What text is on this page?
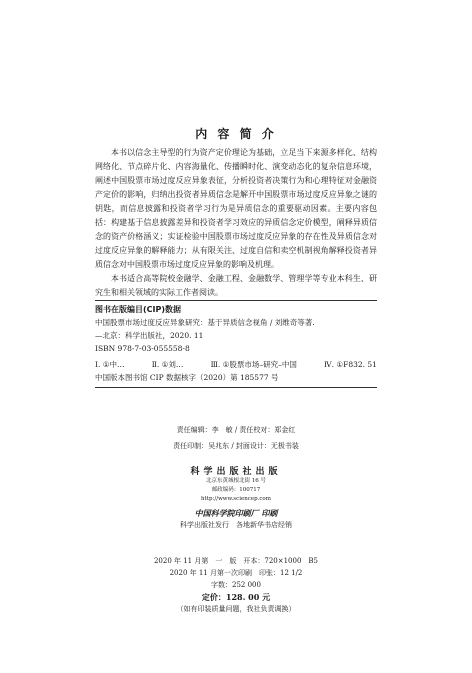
内 容 简 介

本书以信念主导型的行为资产定价理论为基础，立足当下来源多样化、结构网络化、节点碎片化、内容海量化、传播瞬时化、演变动态化的复杂信息环境，阐述中国股票市场过度反应异象表征，分析投资者决策行为和心理特征对金融资产定价的影响，归纳出投资者异质信念是解开中国股票市场过度反应异象之谜的钥匙，而信息披露和投资者学习行为是异质信念的重要驱动因素。主要内容包括：构建基于信息披露差异和投资者学习效应的异质信念定价模型，阐释异质信念的资产价格涵义；实证检验中国股票市场过度反应异象的存在性及异质信念对过度反应异象的解释能力；从有限关注、过度自信和卖空机制视角解释投资者异质信念对中国股票市场过度反应异象的影响及机理。

本书适合高等院校金融学、金融工程、金融数学、管理学等专业本科生、研究生和相关领域的实际工作者阅读。

图书在版编目(CIP)数据
中国股票市场过度反应异象研究：基于异质信念视角 / 刘维奇等著.
—北京：科学出版社，2020. 11
ISBN 978-7-03-055558-8
Ⅰ. ①中…	Ⅱ. ①刘…	Ⅲ. ①股票市场–研究–中国	Ⅳ. ①F832. 51
中国版本图书馆 CIP 数据核字（2020）第 185577 号
责任编辑：李　敏 / 责任校对：郑金红
责任印制：吴兆东 / 封面设计：无极书装
科学出版社出版
北京东黄城根北街 16 号
邮政编码：100717
http://www.sciencep.com
中国科学院印刷厂 印刷
科学出版社发行　各地新华书店经销
2020 年 11 月第　一　版　开本：720×1000　B5
2020 年 11 月第一次印刷　印张：12 1/2
字数：252 000
定价：128. 00 元
（如有印装质量问题，我社负责调换）
